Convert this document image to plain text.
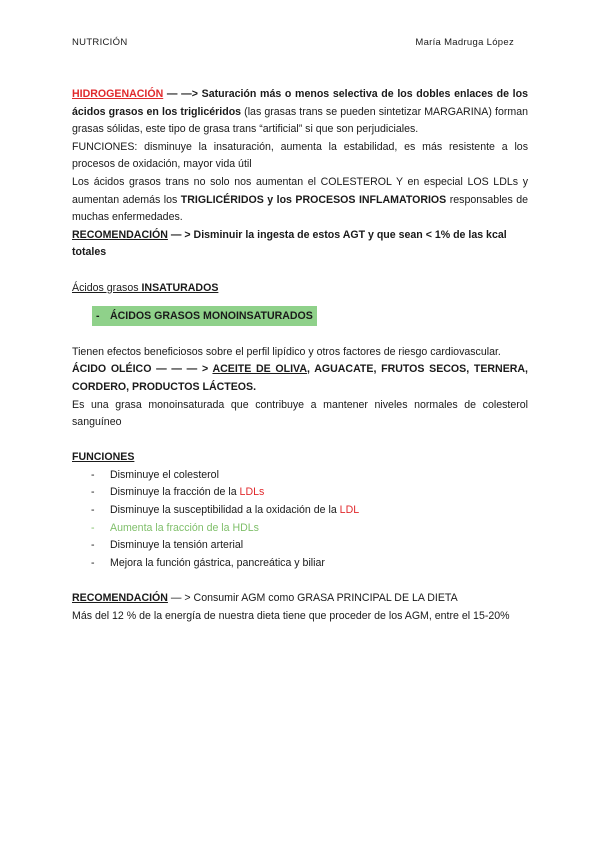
NUTRICIÓN	María Madruga López

HIDROGENACIÓN — —> Saturación más o menos selectiva de los dobles enlaces de los ácidos grasos en los triglicéridos (las grasas trans se pueden sintetizar MARGARINA) forman grasas sólidas, este tipo de grasa trans “artificial” si que son perjudiciales.

FUNCIONES: disminuye la insaturación, aumenta la estabilidad, es más resistente a los procesos de oxidación, mayor vida útil

Los ácidos grasos trans no solo nos aumentan el COLESTEROL Y en especial LOS LDLs y aumentan además los TRIGLICÉRIDOS y los PROCESOS INFLAMATORIOS responsables de muchas enfermedades.

RECOMENDACIÓN — > Disminuir la ingesta de estos AGT y que sean < 1% de las kcal totales

Ácidos grasos INSATURADOS

- ÁCIDOS GRASOS MONOINSATURADOS

Tienen efectos beneficiosos sobre el perfil lipídico y otros factores de riesgo cardiovascular.

ÁCIDO OLÉICO — — — > ACEITE DE OLIVA, AGUACATE, FRUTOS SECOS, TERNERA, CORDERO, PRODUCTOS LÁCTEOS.

Es una grasa monoinsaturada que contribuye a mantener niveles normales de colesterol sanguíneo

FUNCIONES

- Disminuye el colesterol
- Disminuye la fracción de la LDLs
- Disminuye la susceptibilidad a la oxidación de la LDL
- Aumenta la fracción de la HDLs
- Disminuye la tensión arterial
- Mejora la función gástrica, pancreática y biliar

RECOMENDACIÓN — > Consumir AGM como GRASA PRINCIPAL DE LA DIETA

Más del 12 % de la energía de nuestra dieta tiene que proceder de los AGM, entre el 15-20%
